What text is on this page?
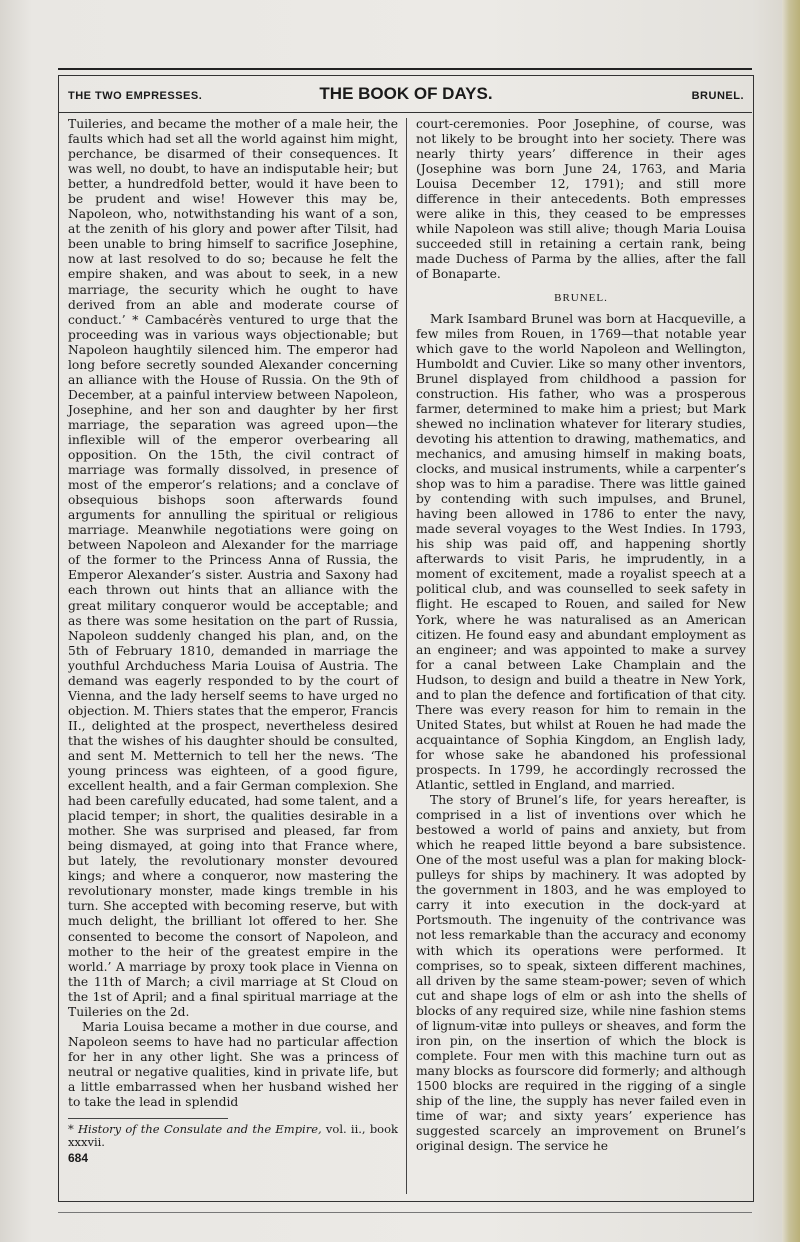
THE TWO EMPRESSES.	THE BOOK OF DAYS.	BRUNEL.

Tuileries, and became the mother of a male heir, the faults which had set all the world against him might, perchance, be disarmed of their consequences. It was well, no doubt, to have an indisputable heir; but better, a hundredfold better, would it have been to be prudent and wise! However this may be, Napoleon, who, notwithstanding his want of a son, at the zenith of his glory and power after Tilsit, had been unable to bring himself to sacrifice Josephine, now at last resolved to do so; because he felt the empire shaken, and was about to seek, in a new marriage, the security which he ought to have derived from an able and moderate course of conduct.’ * Cambacérès ventured to urge that the proceeding was in various ways objectionable; but Napoleon haughtily silenced him. The emperor had long before secretly sounded Alexander concerning an alliance with the House of Russia. On the 9th of December, at a painful interview between Napoleon, Josephine, and her son and daughter by her first marriage, the separation was agreed upon—the inflexible will of the emperor overbearing all opposition. On the 15th, the civil contract of marriage was formally dissolved, in presence of most of the emperor’s relations; and a conclave of obsequious bishops soon afterwards found arguments for annulling the spiritual or religious marriage. Meanwhile negotiations were going on between Napoleon and Alexander for the marriage of the former to the Princess Anna of Russia, the Emperor Alexander’s sister. Austria and Saxony had each thrown out hints that an alliance with the great military conqueror would be acceptable; and as there was some hesitation on the part of Russia, Napoleon suddenly changed his plan, and, on the 5th of February 1810, demanded in marriage the youthful Archduchess Maria Louisa of Austria. The demand was eagerly responded to by the court of Vienna, and the lady herself seems to have urged no objection. M. Thiers states that the emperor, Francis II., delighted at the prospect, nevertheless desired that the wishes of his daughter should be consulted, and sent M. Metternich to tell her the news. ‘The young princess was eighteen, of a good figure, excellent health, and a fair German complexion. She had been carefully educated, had some talent, and a placid temper; in short, the qualities desirable in a mother. She was surprised and pleased, far from being dismayed, at going into that France where, but lately, the revolutionary monster devoured kings; and where a conqueror, now mastering the revolutionary monster, made kings tremble in his turn. She accepted with becoming reserve, but with much delight, the brilliant lot offered to her. She consented to become the consort of Napoleon, and mother to the heir of the greatest empire in the world.’ A marriage by proxy took place in Vienna on the 11th of March; a civil marriage at St Cloud on the 1st of April; and a final spiritual marriage at the Tuileries on the 2d.

Maria Louisa became a mother in due course, and Napoleon seems to have had no particular affection for her in any other light. She was a princess of neutral or negative qualities, kind in private life, but a little embarrassed when her husband wished her to take the lead in splendid

* History of the Consulate and the Empire, vol. ii., book xxxvii.

684

court-ceremonies. Poor Josephine, of course, was not likely to be brought into her society. There was nearly thirty years’ difference in their ages (Josephine was born June 24, 1763, and Maria Louisa December 12, 1791); and still more difference in their antecedents. Both empresses were alike in this, they ceased to be empresses while Napoleon was still alive; though Maria Louisa succeeded still in retaining a certain rank, being made Duchess of Parma by the allies, after the fall of Bonaparte.

BRUNEL.

Mark Isambard Brunel was born at Hacqueville, a few miles from Rouen, in 1769—that notable year which gave to the world Napoleon and Wellington, Humboldt and Cuvier. Like so many other inventors, Brunel displayed from childhood a passion for construction. His father, who was a prosperous farmer, determined to make him a priest; but Mark shewed no inclination whatever for literary studies, devoting his attention to drawing, mathematics, and mechanics, and amusing himself in making boats, clocks, and musical instruments, while a carpenter’s shop was to him a paradise. There was little gained by contending with such impulses, and Brunel, having been allowed in 1786 to enter the navy, made several voyages to the West Indies. In 1793, his ship was paid off, and happening shortly afterwards to visit Paris, he imprudently, in a moment of excitement, made a royalist speech at a political club, and was counselled to seek safety in flight. He escaped to Rouen, and sailed for New York, where he was naturalised as an American citizen. He found easy and abundant employment as an engineer; and was appointed to make a survey for a canal between Lake Champlain and the Hudson, to design and build a theatre in New York, and to plan the defence and fortification of that city. There was every reason for him to remain in the United States, but whilst at Rouen he had made the acquaintance of Sophia Kingdom, an English lady, for whose sake he abandoned his professional prospects. In 1799, he accordingly recrossed the Atlantic, settled in England, and married.

The story of Brunel’s life, for years hereafter, is comprised in a list of inventions over which he bestowed a world of pains and anxiety, but from which he reaped little beyond a bare subsistence. One of the most useful was a plan for making block-pulleys for ships by machinery. It was adopted by the government in 1803, and he was employed to carry it into execution in the dock-yard at Portsmouth. The ingenuity of the contrivance was not less remarkable than the accuracy and economy with which its operations were performed. It comprises, so to speak, sixteen different machines, all driven by the same steam-power; seven of which cut and shape logs of elm or ash into the shells of blocks of any required size, while nine fashion stems of lignum-vitæ into pulleys or sheaves, and form the iron pin, on the insertion of which the block is complete. Four men with this machine turn out as many blocks as fourscore did formerly; and although 1500 blocks are required in the rigging of a single ship of the line, the supply has never failed even in time of war; and sixty years’ experience has suggested scarcely an improvement on Brunel’s original design. The service he
